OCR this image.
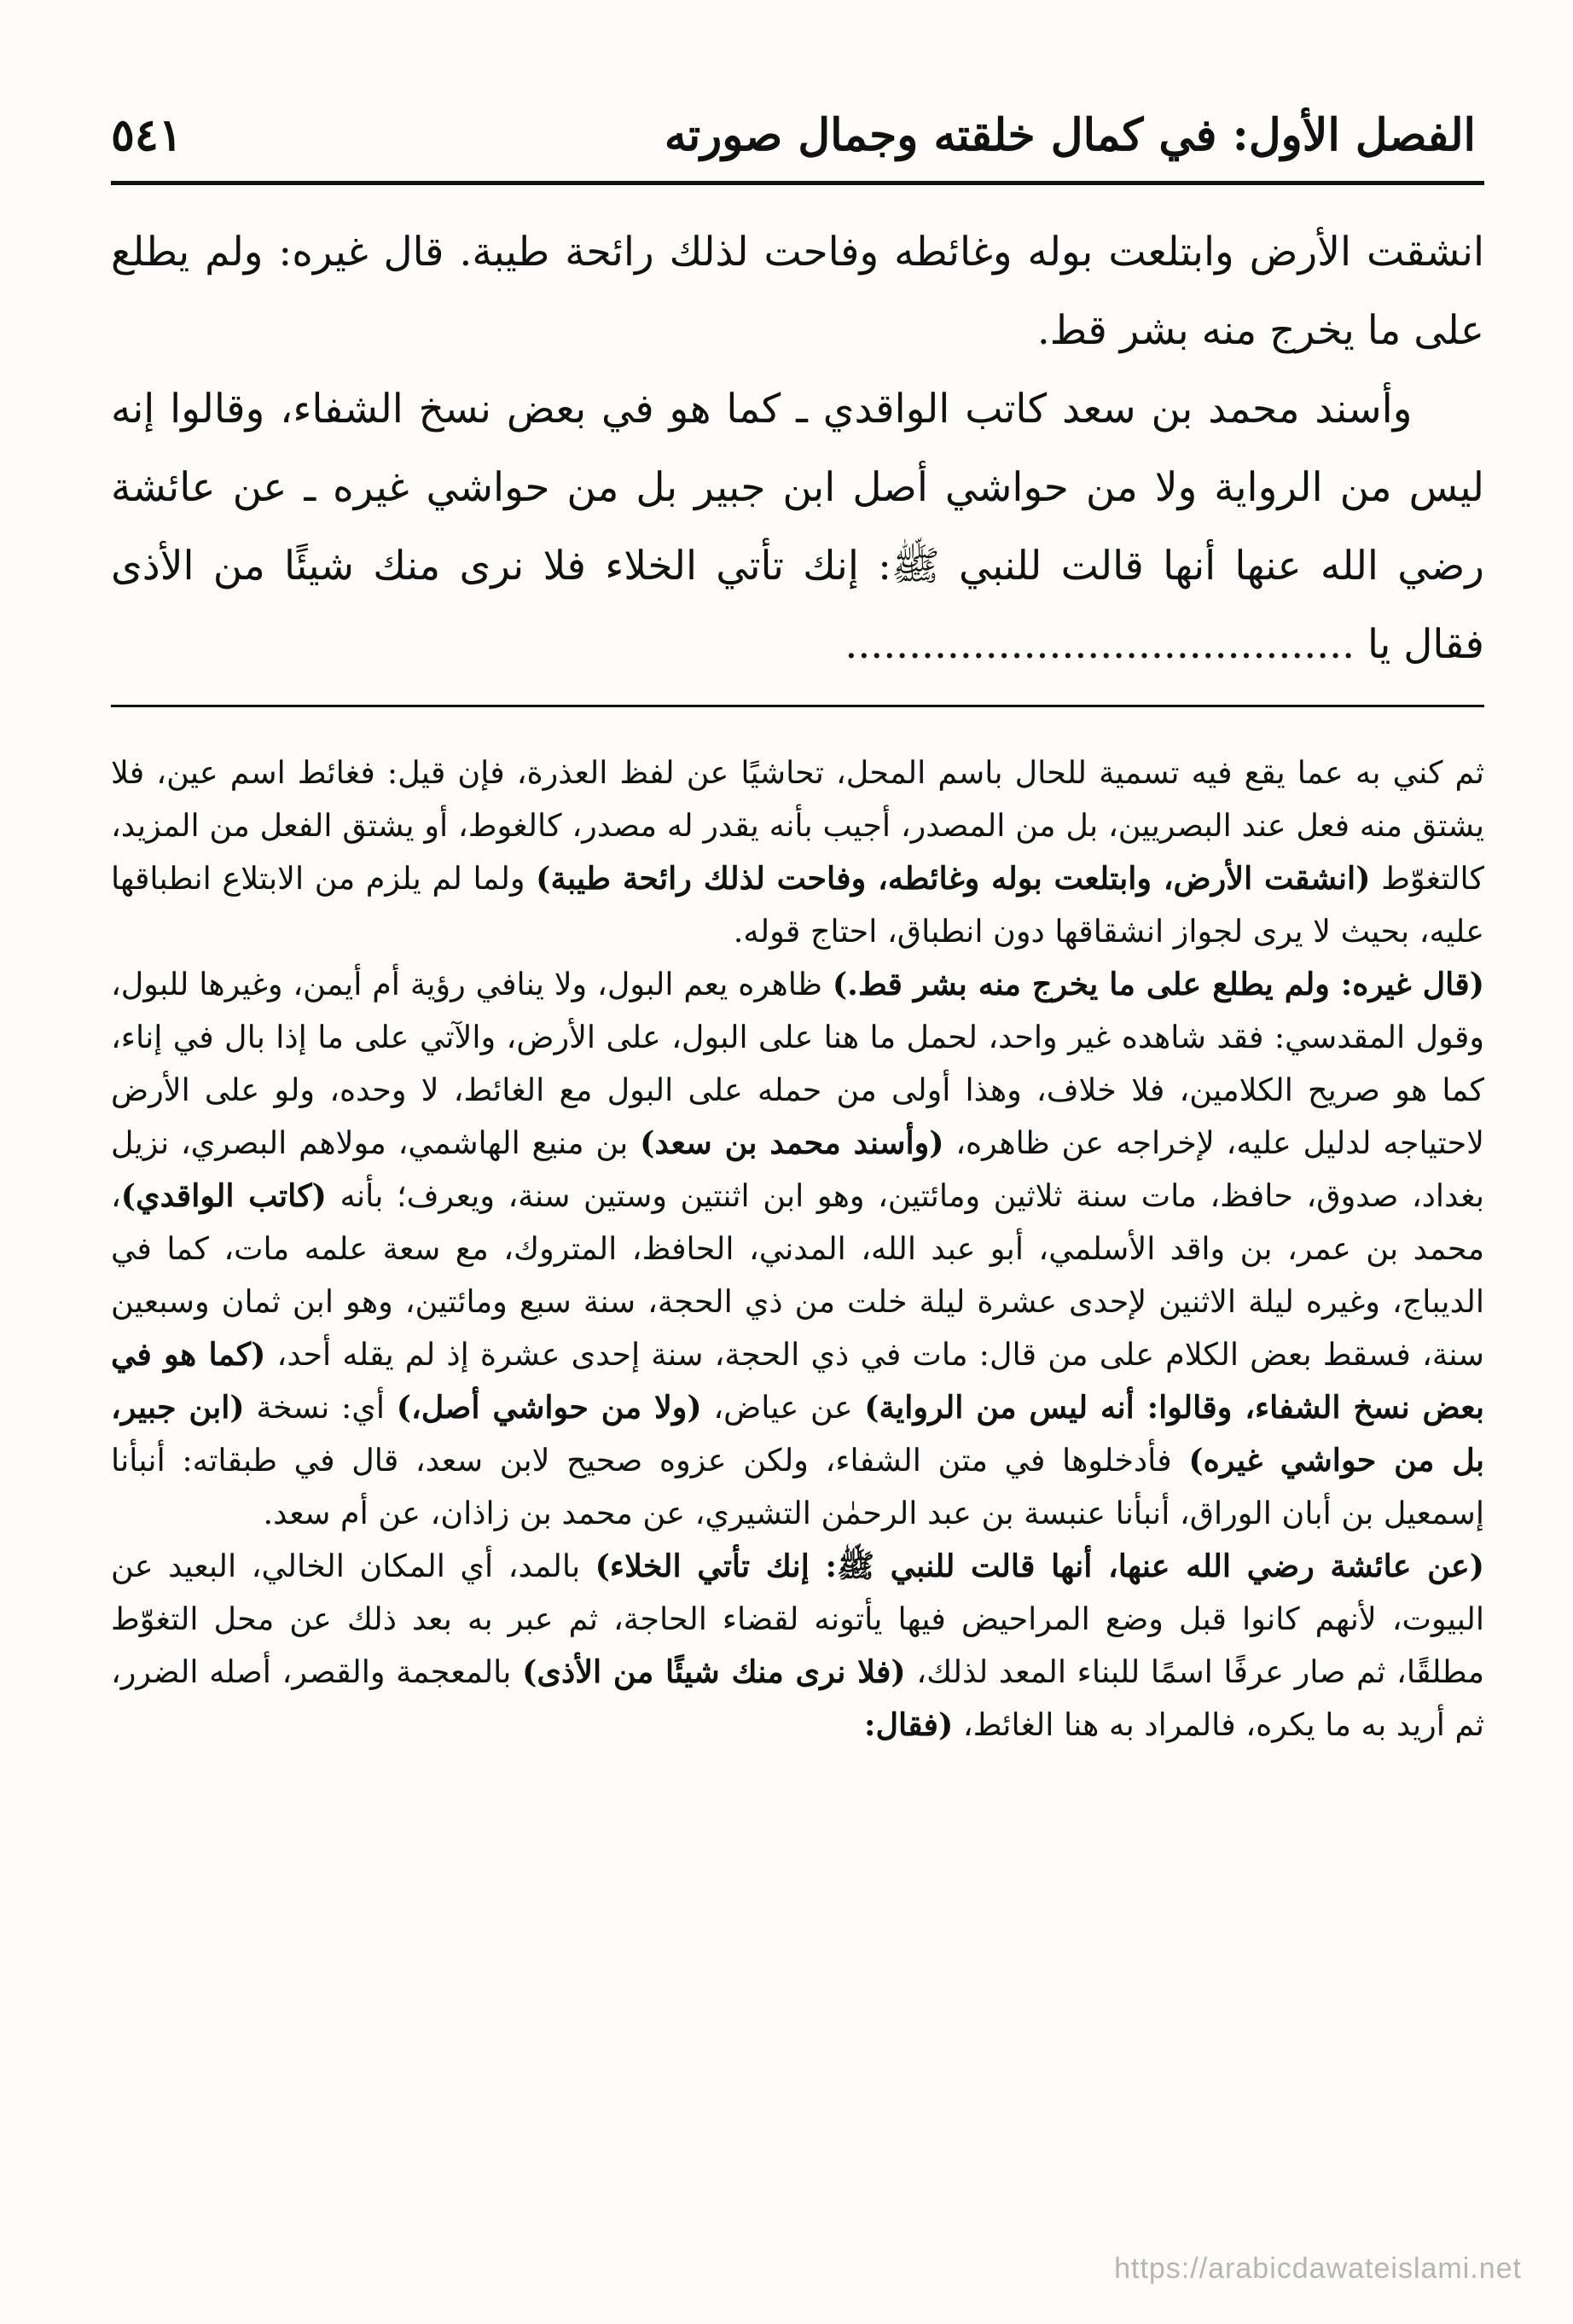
الفصل الأول: في كمال خلقته وجمال صورته
٥٤١

انشقت الأرض وابتلعت بوله وغائطه وفاحت لذلك رائحة طيبة. قال غيره: ولم يطلع على ما يخرج منه بشر قط.

وأسند محمد بن سعد كاتب الواقدي ـ كما هو في بعض نسخ الشفاء، وقالوا إنه ليس من الرواية ولا من حواشي أصل ابن جبير بل من حواشي غيره ـ عن عائشة رضي الله عنها أنها قالت للنبي ﷺ: إنك تأتي الخلاء فلا نرى منك شيئًا من الأذى فقال يا ........................................

ثم كني به عما يقع فيه تسمية للحال باسم المحل، تحاشيًا عن لفظ العذرة، فإن قيل: فغائط اسم عين، فلا يشتق منه فعل عند البصريين، بل من المصدر، أجيب بأنه يقدر له مصدر، كالغوط، أو يشتق الفعل من المزيد، كالتغوّط (انشقت الأرض، وابتلعت بوله وغائطه، وفاحت لذلك رائحة طيبة) ولما لم يلزم من الابتلاع انطباقها عليه، بحيث لا يرى لجواز انشقاقها دون انطباق، احتاج قوله.

(قال غيره: ولم يطلع على ما يخرج منه بشر قط.) ظاهره يعم البول، ولا ينافي رؤية أم أيمن، وغيرها للبول، وقول المقدسي: فقد شاهده غير واحد، لحمل ما هنا على البول، على الأرض، والآتي على ما إذا بال في إناء، كما هو صريح الكلامين، فلا خلاف، وهذا أولى من حمله على البول مع الغائط، لا وحده، ولو على الأرض لاحتياجه لدليل عليه، لإخراجه عن ظاهره، (وأسند محمد بن سعد) بن منيع الهاشمي، مولاهم البصري، نزيل بغداد، صدوق، حافظ، مات سنة ثلاثين ومائتين، وهو ابن اثنتين وستين سنة، ويعرف؛ بأنه (كاتب الواقدي)، محمد بن عمر، بن واقد الأسلمي، أبو عبد الله، المدني، الحافظ، المتروك، مع سعة علمه مات، كما في الديباج، وغيره ليلة الاثنين لإحدى عشرة ليلة خلت من ذي الحجة، سنة سبع ومائتين، وهو ابن ثمان وسبعين سنة، فسقط بعض الكلام على من قال: مات في ذي الحجة، سنة إحدى عشرة إذ لم يقله أحد، (كما هو في بعض نسخ الشفاء، وقالوا: أنه ليس من الرواية) عن عياض، (ولا من حواشي أصل،) أي: نسخة (ابن جبير، بل من حواشي غيره) فأدخلوها في متن الشفاء، ولكن عزوه صحيح لابن سعد، قال في طبقاته: أنبأنا إسمعيل بن أبان الوراق، أنبأنا عنبسة بن عبد الرحمٰن التشيري، عن محمد بن زاذان، عن أم سعد.

(عن عائشة رضي الله عنها، أنها قالت للنبي ﷺ: إنك تأتي الخلاء) بالمد، أي المكان الخالي، البعيد عن البيوت، لأنهم كانوا قبل وضع المراحيض فيها يأتونه لقضاء الحاجة، ثم عبر به بعد ذلك عن محل التغوّط مطلقًا، ثم صار عرفًا اسمًا للبناء المعد لذلك، (فلا نرى منك شيئًا من الأذى) بالمعجمة والقصر، أصله الضرر، ثم أريد به ما يكره، فالمراد به هنا الغائط، (فقال:

https://arabicdawateislami.net
